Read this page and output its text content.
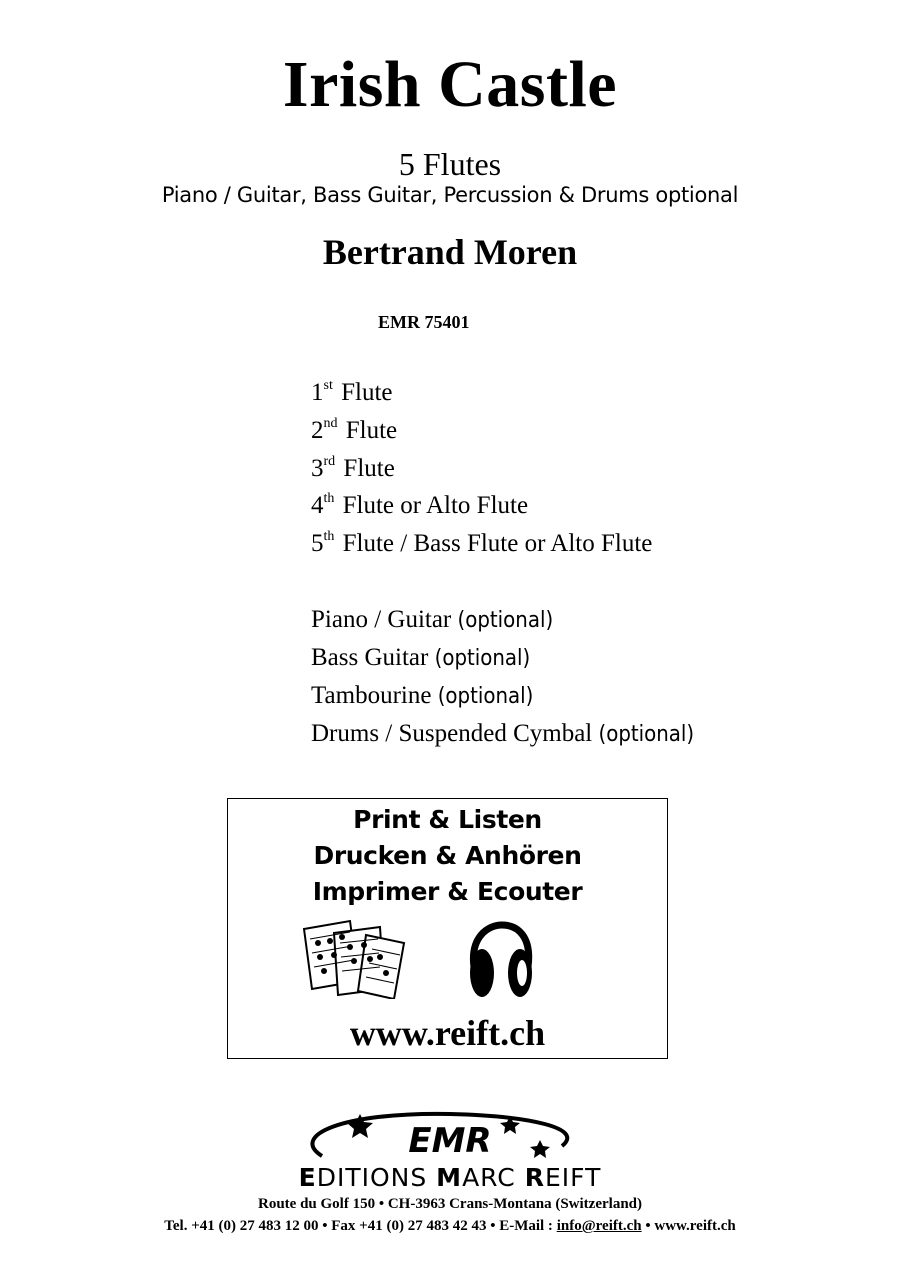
Irish Castle
5 Flutes
Piano / Guitar, Bass Guitar, Percussion & Drums optional
Bertrand Moren
EMR 75401
1st Flute
2nd Flute
3rd Flute
4th Flute or Alto Flute
5th Flute / Bass Flute or Alto Flute
Piano / Guitar (optional)
Bass Guitar (optional)
Tambourine (optional)
Drums / Suspended Cymbal (optional)
Print & Listen
Drucken & Anhören
Imprimer & Ecouter
www.reift.ch
EMR
EDITIONS MARC REIFT
Route du Golf 150 • CH-3963 Crans-Montana (Switzerland)
Tel. +41 (0) 27 483 12 00 • Fax +41 (0) 27 483 42 43 • E-Mail : info@reift.ch • www.reift.ch
